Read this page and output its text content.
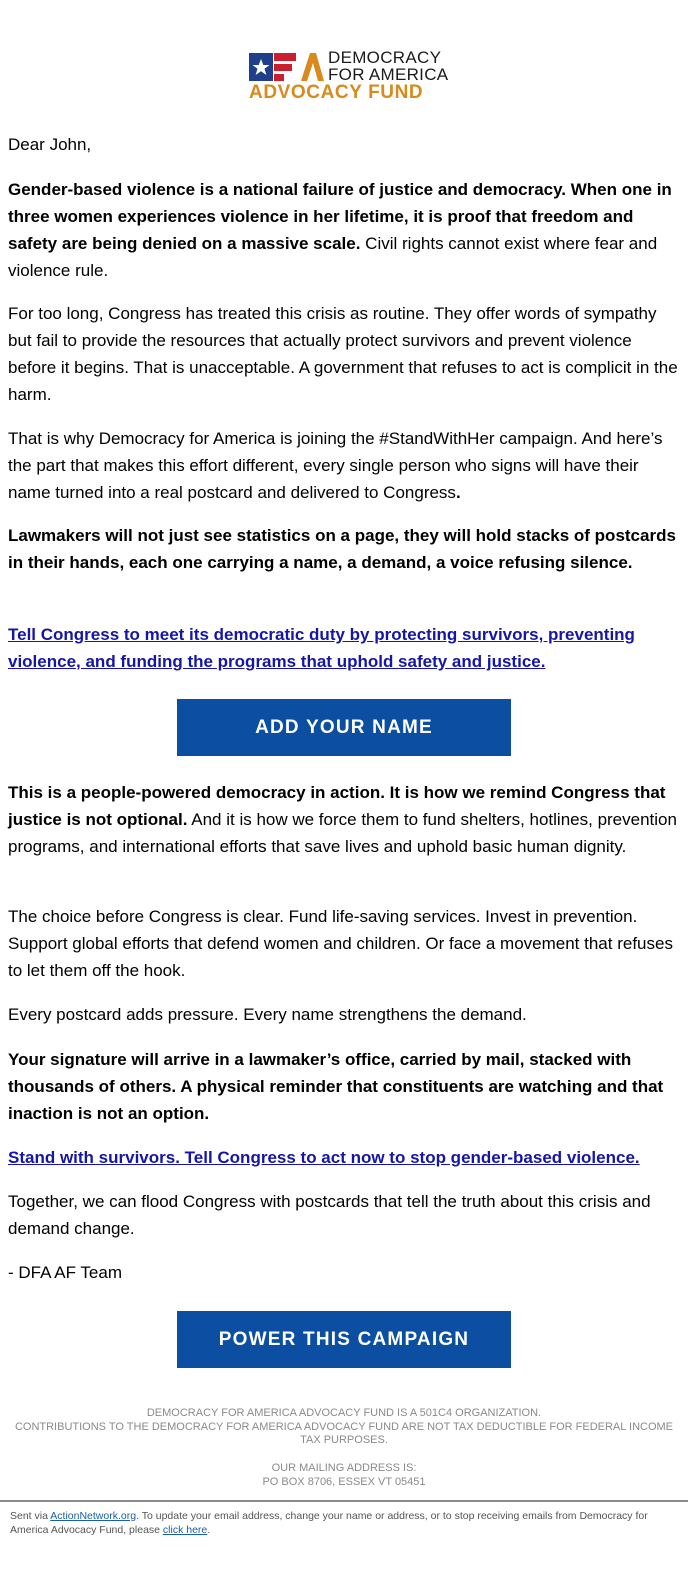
DEMOCRACY
FOR AMERICA
ADVOCACY FUND

Dear John,

Gender-based violence is a national failure of justice and democracy. When one in three women experiences violence in her lifetime, it is proof that freedom and safety are being denied on a massive scale. Civil rights cannot exist where fear and violence rule.

For too long, Congress has treated this crisis as routine. They offer words of sympathy but fail to provide the resources that actually protect survivors and prevent violence before it begins. That is unacceptable. A government that refuses to act is complicit in the harm.

That is why Democracy for America is joining the #StandWithHer campaign. And here’s the part that makes this effort different, every single person who signs will have their name turned into a real postcard and delivered to Congress.

Lawmakers will not just see statistics on a page, they will hold stacks of postcards in their hands, each one carrying a name, a demand, a voice refusing silence.

Tell Congress to meet its democratic duty by protecting survivors, preventing violence, and funding the programs that uphold safety and justice.

ADD YOUR NAME

This is a people-powered democracy in action. It is how we remind Congress that justice is not optional. And it is how we force them to fund shelters, hotlines, prevention programs, and international efforts that save lives and uphold basic human dignity.

The choice before Congress is clear. Fund life-saving services. Invest in prevention. Support global efforts that defend women and children. Or face a movement that refuses to let them off the hook.

Every postcard adds pressure. Every name strengthens the demand.

Your signature will arrive in a lawmaker’s office, carried by mail, stacked with thousands of others. A physical reminder that constituents are watching and that inaction is not an option.

Stand with survivors. Tell Congress to act now to stop gender-based violence.

Together, we can flood Congress with postcards that tell the truth about this crisis and demand change.

- DFA AF Team

POWER THIS CAMPAIGN
DEMOCRACY FOR AMERICA ADVOCACY FUND IS A 501C4 ORGANIZATION.
CONTRIBUTIONS TO THE DEMOCRACY FOR AMERICA ADVOCACY FUND ARE NOT TAX DEDUCTIBLE FOR FEDERAL INCOME TAX PURPOSES.
OUR MAILING ADDRESS IS:
PO BOX 8706, ESSEX VT 05451
Sent via ActionNetwork.org. To update your email address, change your name or address, or to stop receiving emails from Democracy for America Advocacy Fund, please click here.
